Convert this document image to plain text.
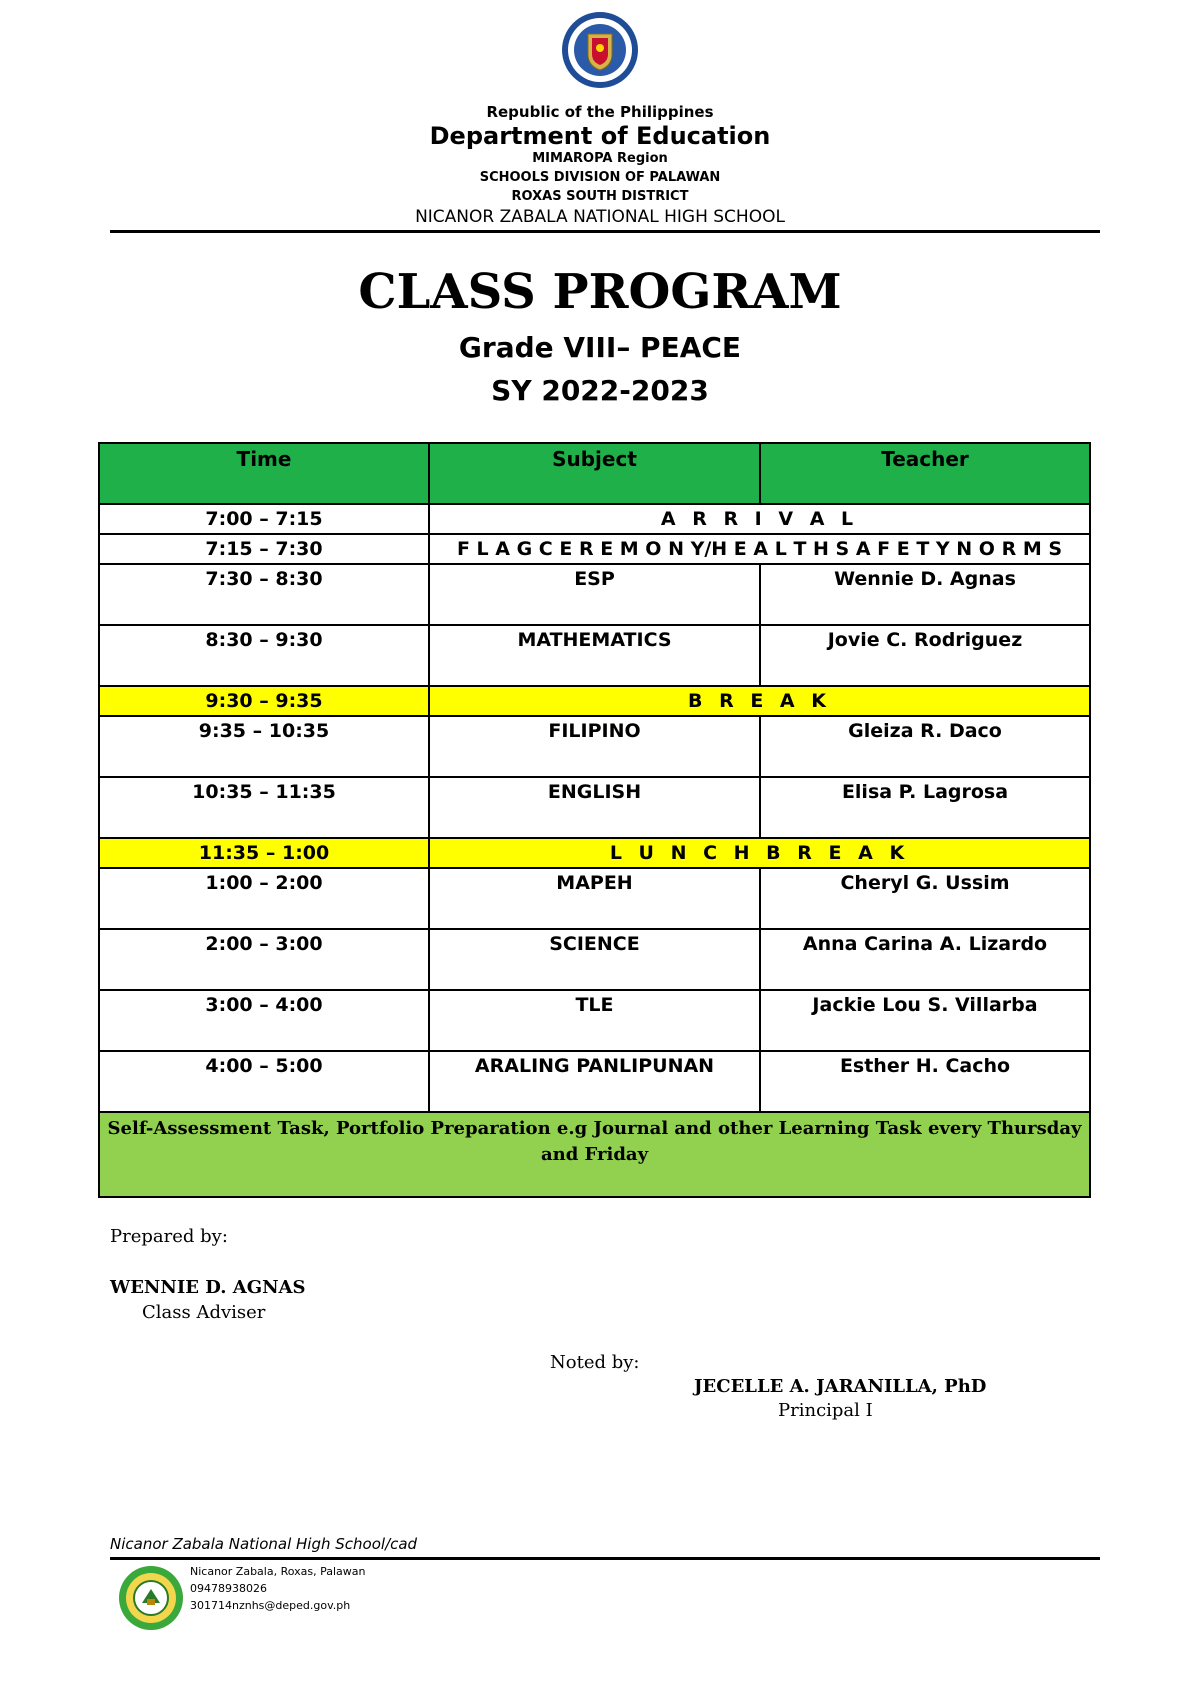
Republic of the Philippines
Department of Education
MIMAROPA Region
SCHOOLS DIVISION OF PALAWAN
ROXAS SOUTH DISTRICT
NICANOR ZABALA NATIONAL HIGH SCHOOL
CLASS PROGRAM
Grade VIII– PEACE
SY 2022-2023
Time	Subject	Teacher
7:00 – 7:15	A R R I V A L	
7:15 – 7:30	F L A G C E R E M O N Y/H E A L T H S A F E T Y N O R M S	
7:30 – 8:30	ESP	Wennie D. Agnas
8:30 – 9:30	MATHEMATICS	Jovie C. Rodriguez
9:30 – 9:35	B R E A K	
9:35 – 10:35	FILIPINO	Gleiza R. Daco
10:35 – 11:35	ENGLISH	Elisa P. Lagrosa
11:35 – 1:00	L U N C H B R E A K	
1:00 – 2:00	MAPEH	Cheryl G. Ussim
2:00 – 3:00	SCIENCE	Anna Carina A. Lizardo
3:00 – 4:00	TLE	Jackie Lou S. Villarba
4:00 – 5:00	ARALING PANLIPUNAN	Esther H. Cacho
Self-Assessment Task, Portfolio Preparation e.g Journal and other Learning Task every Thursday and Friday		
Prepared by:
WENNIE D. AGNAS
Class Adviser
Noted by:
JECELLE A. JARANILLA, PhD
Principal I
Nicanor Zabala National High School/cad
Nicanor Zabala, Roxas, Palawan
09478938026
301714nznhs@deped.gov.ph
